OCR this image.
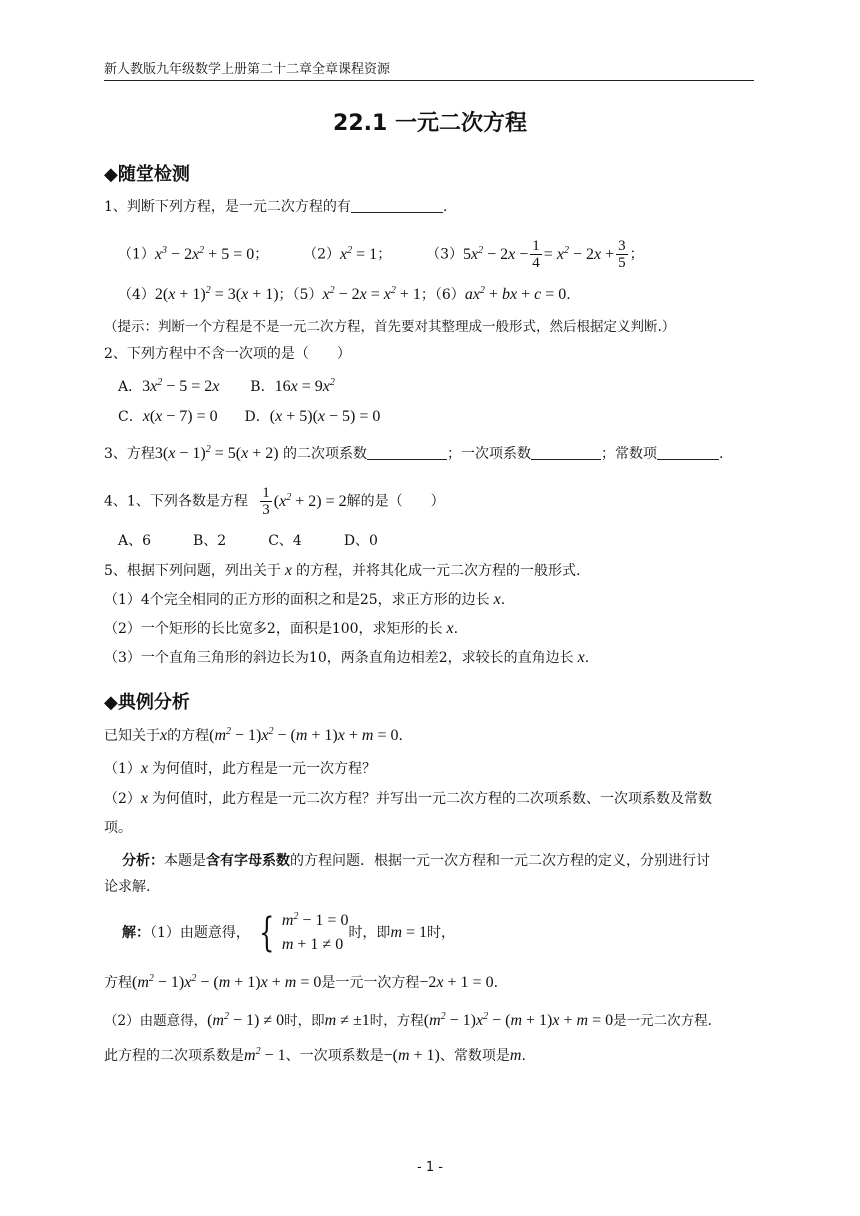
新人教版九年级数学上册第二十二章全章课程资源
22.1 一元二次方程
◆随堂检测
1、判断下列方程，是一元二次方程的有	.
$(1)x^3 - 2x^2 + 5 = 0$； $(2)x^2 = 1$； $(3)5x^2 - 2x - \frac{1}{4} = x^2 - 2x + \frac{3}{5}$ ；
$(4)2(x + 1)^2 = 3(x + 1)$；$(5)x^2 - 2x = x^2 + 1$；$(6)ax^2$ + bx + c = 0.
（提示：判断一个方程是不是一元二次方程，首先要对其整理成一般形式，然后根据定义判断.）
2、下列方程中不含一次项的是（　　）
A．$3x^2 - 5 = 2x$ B．$16x = 9x^2$
C．x(x − 7) = 0 D．(x + 5)(x − 5) = 0
3、方程$3(x - 1)^2 = 5(x + 2)$ 的二次项系数	；一次项系数	；常数项	.
4、1、下列各数是方程 $\frac{1}{3} (x^2 + 2) = 2$解的是（　　）
A、6　　　B、2　　　C、4　　　D、0
5、根据下列问题，列出关于 x 的方程，并将其化成一元二次方程的一般形式.
（1）4个完全相同的正方形的面积之和是25，求正方形的边长 x.
（2）一个矩形的长比宽多2，面积是100，求矩形的长 x.
（3）一个直角三角形的斜边长为10，两条直角边相差2，求较长的直角边长 x.
◆典例分析
已知关于x的方程$(m^2 - 1)x^2 - (m + 1)x + m = 0$.
（1）x 为何值时，此方程是一元一次方程？
（2）x 为何值时，此方程是一元二次方程？并写出一元二次方程的二次项系数、一次项系数及常数
项。
分析：本题是含有字母系数的方程问题．根据一元一次方程和一元二次方程的定义，分别进行讨
论求解.
解：（1）由题意得， { $m^2 - 1 = 0$
m + 1 ≠ 0
时，即m = 1时，
方程$(m^2 - 1)x^2 - (m + 1)x + m = 0$是一元一次方程−2x + 1 = 0.
（2）由题意得，$(m^2 - 1) \ne 0$时，即m ≠ ±1时，方程$(m^2 - 1)x^2 - (m + 1)x + m = 0$是一元二次方程.
此方程的二次项系数是$m^2 - 1$、一次项系数是−(m + 1)、常数项是m.
- 1 -
